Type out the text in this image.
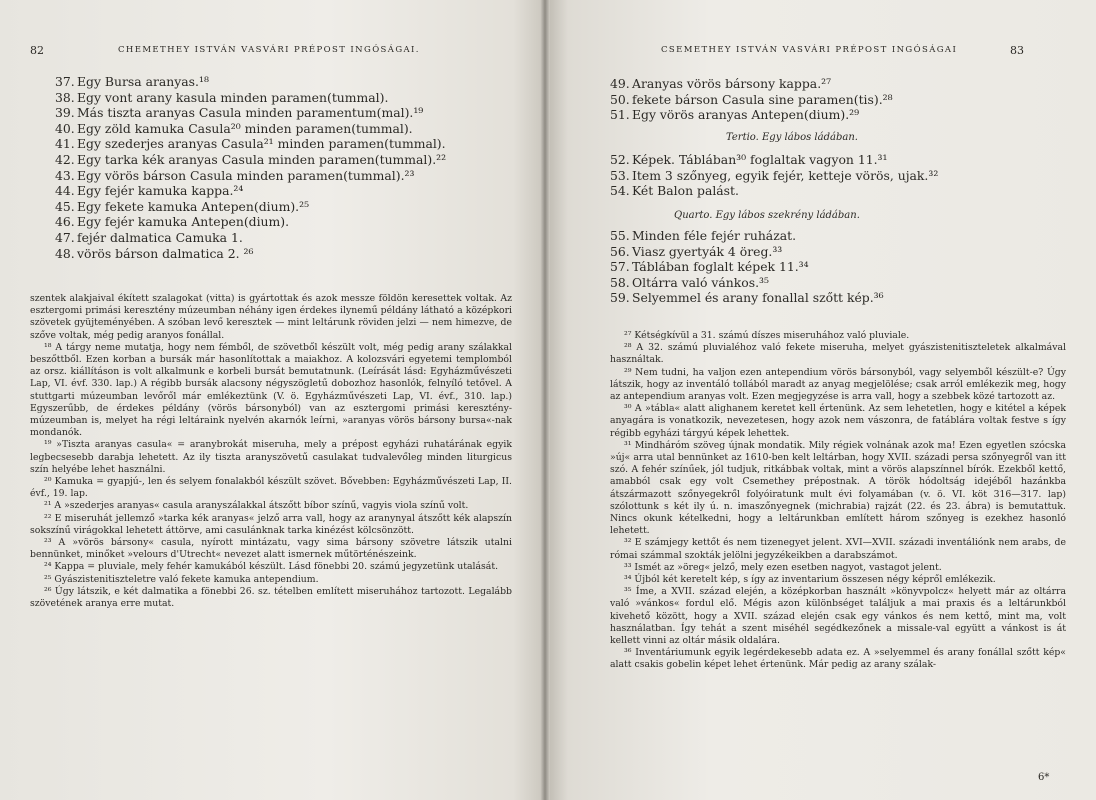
82	CHEMETHEY ISTVÁN VASVÁRI PRÉPOST INGÓSÁGAI.
37. Egy Bursa aranyas.¹⁸
38. Egy vont arany kasula minden paramen(tummal).
39. Más tiszta aranyas Casula minden paramentum(mal).¹⁹
40. Egy zöld kamuka Casula²⁰ minden paramen(tummal).
41. Egy szederjes aranyas Casula²¹ minden paramen(tummal).
42. Egy tarka kék aranyas Casula minden paramen(tummal).²²
43. Egy vörös bárson Casula minden paramen(tummal).²³
44. Egy fejér kamuka kappa.²⁴
45. Egy fekete kamuka Antepen(dium).²⁵
46. Egy fejér kamuka Antepen(dium).
47. fejér dalmatica Camuka 1.
48. vörös bárson dalmatica 2. ²⁶

szentek alakjaival ékített szalagokat (vitta) is gyártottak és azok messze földön keresettek voltak. Az esztergomi primási keresztény múzeumban néhány igen érdekes ilynemű példány látható a középkori szövetek gyüjteményében. A szóban levő keresztek — mint leltárunk röviden jelzi — nem himezve, de szőve voltak, még pedig aranyos fonállal.

¹⁸ A tárgy neme mutatja, hogy nem fémből, de szövetből készült volt, még pedig arany szálakkal beszőttből. Ezen korban a bursák már hasonlítottak a maiakhoz. A kolozsvári egyetemi templomból az orsz. kiállításon is volt alkalmunk e korbeli bursát bemutatnunk. (Leírását lásd: Egyházművészeti Lap, VI. évf. 330. lap.) A régibb bursák alacsony négyszögletű dobozhoz hasonlók, felnyíló tetővel. A stuttgarti múzeumban levőről már emlékeztünk (V. ö. Egyházművészeti Lap, VI. évf., 310. lap.) Egyszerűbb, de érdekes példány (vörös bársonyból) van az esztergomi primási keresztény-múzeumban is, melyet ha régi leltáraink nyelvén akarnók leírni, »aranyas vörös bársony bursa«-nak mondanók.

¹⁹ »Tiszta aranyas casula« = aranybrokát miseruha, mely a prépost egyházi ruhatárának egyik legbecsesebb darabja lehetett. Az ily tiszta aranyszövetű casulakat tudvalevőleg minden liturgicus szín helyébe lehet használni.

²⁰ Kamuka = gyapjú-, len és selyem fonalakból készült szövet. Bővebben: Egyházművészeti Lap, II. évf., 19. lap.

²¹ A »szederjes aranyas« casula aranyszálakkal átszőtt bíbor színű, vagyis viola színű volt.

²² E miseruhát jellemző »tarka kék aranyas« jelző arra vall, hogy az aranynyal átszőtt kék alapszín sokszínű virágokkal lehetett áttörve, ami casulánknak tarka kinézést kölcsönzött.

²³ A »vörös bársony« casula, nyírott mintázatu, vagy sima bársony szövetre látszik utalni bennünket, minőket »velours d'Utrecht« nevezet alatt ismernek műtörténészeink.

²⁴ Kappa = pluviale, mely fehér kamukából készült. Lásd fönebbi 20. számú jegyzetünk utalását.

²⁵ Gyászistenitiszteletre való fekete kamuka antependium.

²⁶ Úgy látszik, e két dalmatika a fönebbi 26. sz. tételben említett miseruhához tartozott. Legalább szövetének aranya erre mutat.

CSEMETHEY ISTVÁN VASVÁRI PRÉPOST INGÓSÁGAI	83
49. Aranyas vörös bársony kappa.²⁷
50. fekete bárson Casula sine paramen(tis).²⁸
51. Egy vörös aranyas Antepen(dium).²⁹
Tertio. Egy lábos ládában.
52. Képek. Táblában³⁰ foglaltak vagyon 11.³¹
53. Item 3 szőnyeg, egyik fejér, ketteje vörös, ujak.³²
54. Két Balon palást.
Quarto. Egy lábos szekrény ládában.
55. Minden féle fejér ruházat.
56. Viasz gyertyák 4 öreg.³³
57. Táblában foglalt képek 11.³⁴
58. Oltárra való vánkos.³⁵
59. Selyemmel és arany fonallal szőtt kép.³⁶

²⁷ Kétségkívül a 31. számú díszes miseruhához való pluviale.

²⁸ A 32. számú pluvialéhoz való fekete miseruha, melyet gyászistenitiszteletek alkalmával használtak.

²⁹ Nem tudni, ha valjon ezen antependium vörös bársonyból, vagy selyemből készült-e? Úgy látszik, hogy az inventáló tollából maradt az anyag megjelölése; csak arról emlékezik meg, hogy az antependium aranyas volt. Ezen megjegyzése is arra vall, hogy a szebbek közé tartozott az.

³⁰ A »tábla« alatt alighanem keretet kell értenünk. Az sem lehetetlen, hogy e kitétel a képek anyagára is vonatkozik, nevezetesen, hogy azok nem vászonra, de fatáblára voltak festve s így régibb egyházi tárgyú képek lehettek.

³¹ Mindháróm szöveg újnak mondatik. Mily régiek volnának azok ma! Ezen egyetlen szócska »új« arra utal bennünket az 1610-ben kelt leltárban, hogy XVII. századi persa szőnyegről van itt szó. A fehér színűek, jól tudjuk, ritkábbak voltak, mint a vörös alapszínnel bírók. Ezekből kettő, amabból csak egy volt Csemethey prépostnak. A török hódoltság idejéből hazánkba átszármazott szőnyegekről folyóiratunk mult évi folyamában (v. ö. VI. köt 316—317. lap) szólottunk s két ily ú. n. imaszőnyegnek (michrabia) rajzát (22. és 23. ábra) is bemutattuk. Nincs okunk kételkedni, hogy a leltárunkban említett három szőnyeg is ezekhez hasonló lehetett.

³² E számjegy kettőt és nem tizenegyet jelent. XVI—XVII. századi inventáliónk nem arabs, de római számmal szokták jelölni jegyzékeikben a darabszámot.

³³ Ismét az »öreg« jelző, mely ezen esetben nagyot, vastagot jelent.

³⁴ Újból két keretelt kép, s így az inventarium összesen négy képről emlékezik.

³⁵ Íme, a XVII. század elején, a középkorban használt »könyvpolcz« helyett már az oltárra való »vánkos« fordul elő. Mégis azon különbséget találjuk a mai praxis és a leltárunkból kivehető között, hogy a XVII. század elején csak egy vánkos és nem kettő, mint ma, volt használatban. Így tehát a szent miséhél segédkezőnek a missale-val együtt a vánkost is át kellett vinni az oltár másik oldalára.

³⁶ Inventáriumunk egyik legérdekesebb adata ez. A »selyemmel és arany fonállal szőtt kép« alatt csakis gobelin képet lehet értenünk. Már pedig az arany szálak-

6*
